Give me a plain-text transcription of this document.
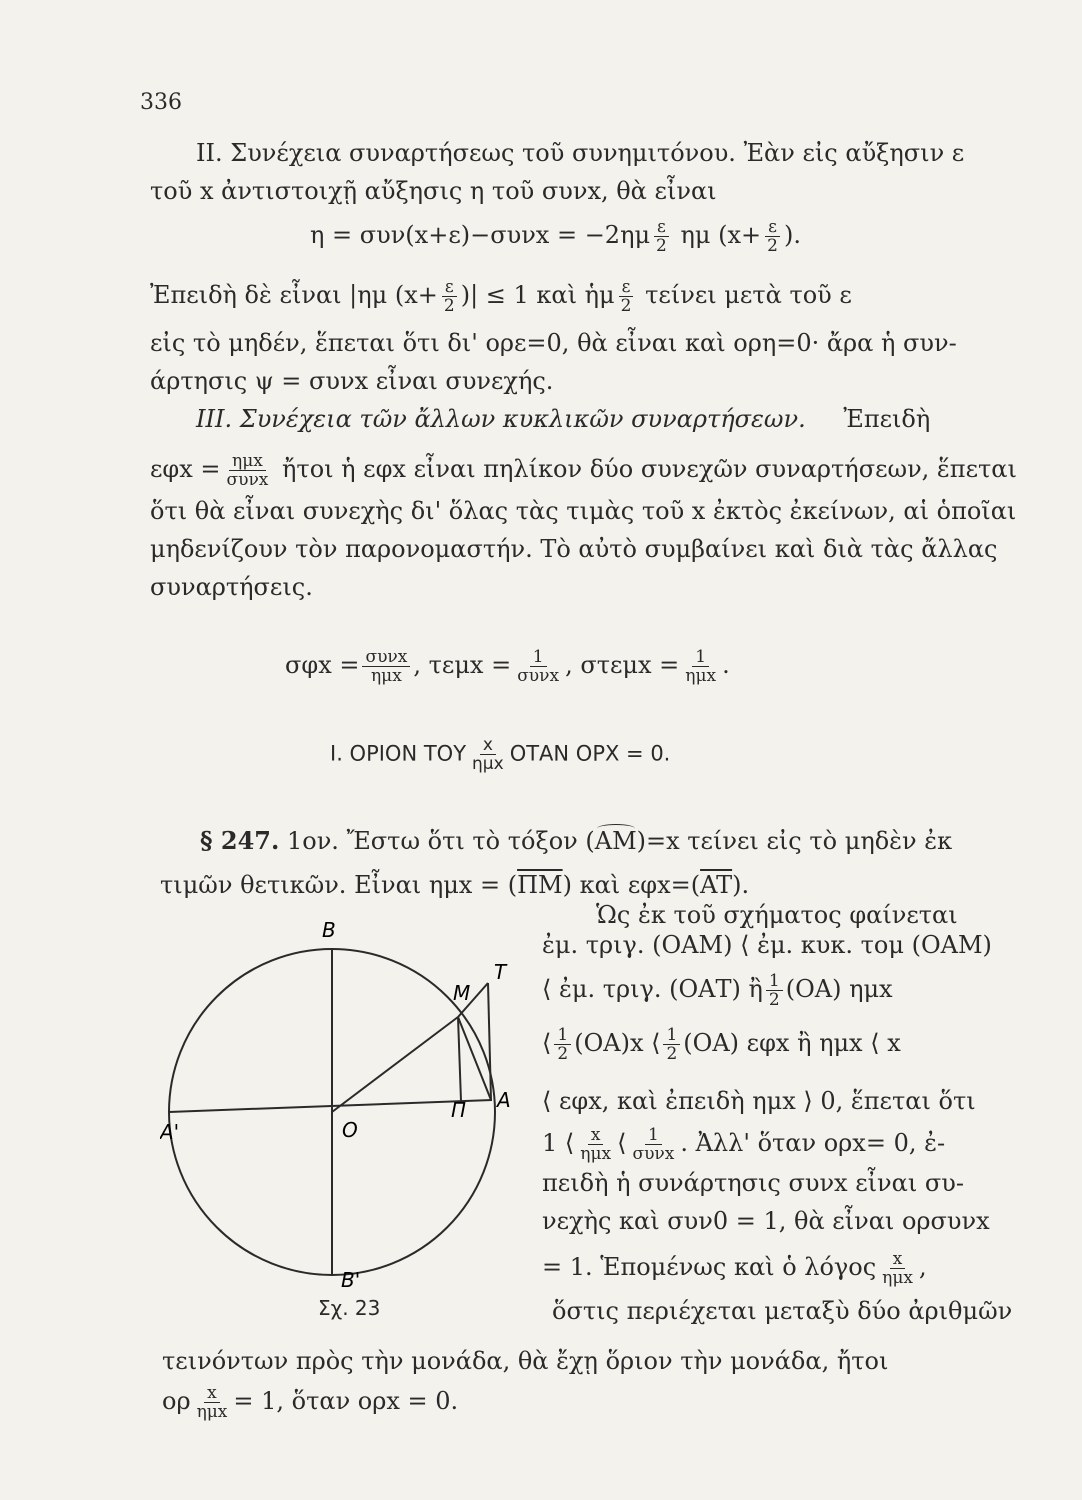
336
II. Συνέχεια συναρτήσεως τοῦ συνημιτόνου. Ἐὰν εἰς αὔξησιν ε
τοῦ x ἀντιστοιχῇ αὔξησις η τοῦ συνx, θὰ εἶναι
$\eta = \sigma\upsilon\nu(x+\varepsilon)-\sigma\upsilon\nu x = -2\eta\mu \frac{\varepsilon}{2}$ ημ ($x+ \frac{\varepsilon}{2}$ ).
Ἐπειδὴ δὲ εἶναι |ημ ($x+ \frac{\varepsilon}{2}$ )| ≤ 1 καὶ ἡμ $\frac{\varepsilon}{2}$ τείνει μετὰ τοῦ ε
εἰς τὸ μηδέν, ἕπεται ὅτι δι' ορε=0, θὰ εἶναι καὶ ορη=0· ἄρα ἡ συν-
άρτησις ψ = συνx εἶναι συνεχής.
III. Συνέχεια τῶν ἄλλων κυκλικῶν συναρτήσεων. Ἐπειδὴ
$\varepsilon\varphi x = \frac{\text{ημx}}{\text{συνx}}$ ἤτοι ἡ εφx εἶναι πηλίκον δύο συνεχῶν συναρτήσεων, ἕπεται
ὅτι θὰ εἶναι συνεχὴς δι' ὅλας τὰς τιμὰς τοῦ x ἐκτὸς ἐκείνων, αἱ ὁποῖαι
μηδενίζουν τὸν παρονομαστήν. Τὸ αὐτὸ συμβαίνει καὶ διὰ τὰς ἄλλας
συναρτήσεις.
$\sigma\varphi x = \frac{\text{συνx}}{\text{ημx}}$ , $\tau\varepsilon\mu x = \frac{1}{\text{συνx}}$ , $\sigma\tau\varepsilon\mu x = \frac{1}{\text{ημx}}$ .
I. ΟΡΙΟΝ ΤΟΥ $\frac{x}{\text{ημx}}$ ΟΤΑΝ ΟΡX = 0.
§ 247. 1ον. Ἔστω ὅτι τὸ τόξον (AM)=x τείνει εἰς τὸ μηδὲν ἐκ
τιμῶν θετικῶν. Εἶναι $\eta\mu x = (\overline{\Pi M})$ καὶ $\varepsilon\varphi x=(\overline{AT})$.
Ὡς ἐκ τοῦ σχήματος φαίνεται
ἐμ. τριγ. (ΟΑΜ) ⟨ ἐμ. κυκ. τομ (ΟΑΜ)
⟨ ἐμ. τριγ. (ΟΑΤ) ἢ $\frac{1}{2} (OA)$ ημx
⟨ $\frac{1}{2} (OA)x$ ⟨ $\frac{1}{2} (OA)$ εφx ἢ ημx ⟨ x
⟨ εφx, καὶ ἐπειδὴ ημx ⟩ 0, ἕπεται ὅτι
1 ⟨ $\frac{x}{\text{ημx}}$ ⟨ $\frac{1}{\text{συνx}}$ . Ἀλλ' ὅταν ορx= 0, ἐ-
πειδὴ ἡ συνάρτησις συνx εἶναι συ-
νεχὴς καὶ συν0 = 1, θὰ εἶναι ορσυνx
= 1. Ἑπομένως καὶ ὁ λόγος $\frac{x}{\text{ημx}}$ ,
ὅστις περιέχεται μεταξὺ δύο ἀριθμῶν
τεινόντων πρὸς τὴν μονάδα, θὰ ἔχῃ ὅριον τὴν μονάδα, ἤτοι
ορ $\frac{x}{\text{ημx}} = 1$, ὅταν ορx = 0.
B
B'
A'	O
Π A
M
T
Σχ. 23
